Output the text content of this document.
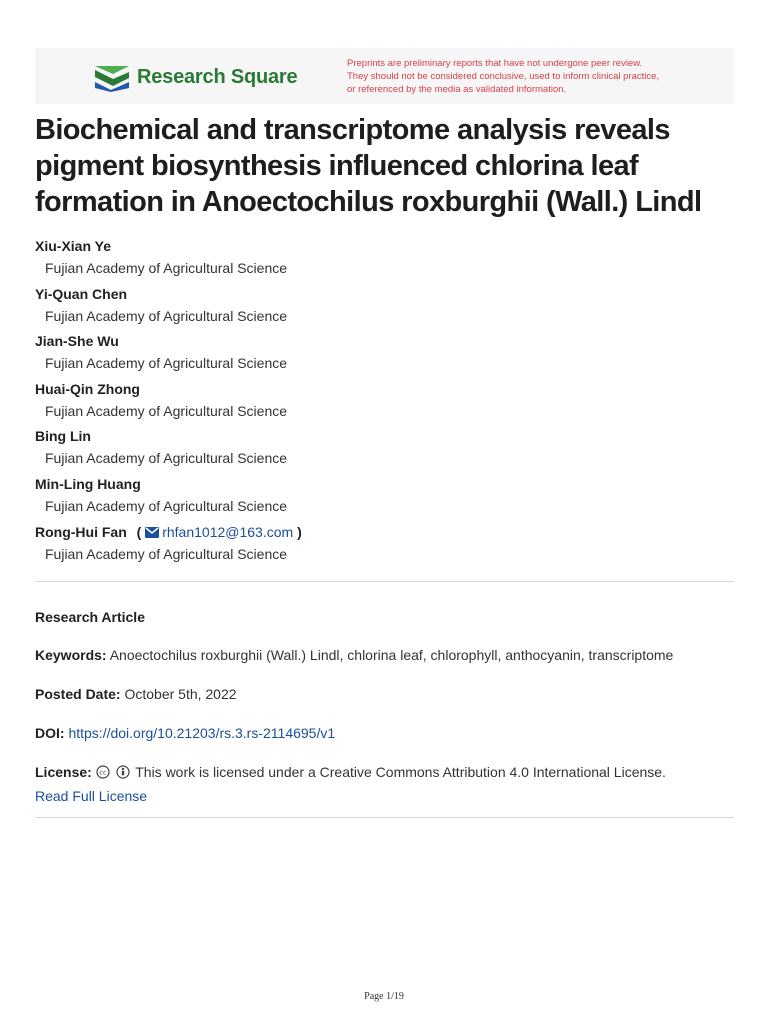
Research Square
Preprints are preliminary reports that have not undergone peer review.
They should not be considered conclusive, used to inform clinical practice,
or referenced by the media as validated information.
Biochemical and transcriptome analysis reveals pigment biosynthesis influenced chlorina leaf formation in Anoectochilus roxburghii (Wall.) Lindl
Xiu-Xian Ye
Fujian Academy of Agricultural Science
Yi-Quan Chen
Fujian Academy of Agricultural Science
Jian-She Wu
Fujian Academy of Agricultural Science
Huai-Qin Zhong
Fujian Academy of Agricultural Science
Bing Lin
Fujian Academy of Agricultural Science
Min-Ling Huang
Fujian Academy of Agricultural Science
Rong-Hui Fan ( rhfan1012@163.com )
Fujian Academy of Agricultural Science
Research Article
Keywords: Anoectochilus roxburghii (Wall.) Lindl, chlorina leaf, chlorophyll, anthocyanin, transcriptome
Posted Date: October 5th, 2022
DOI: https://doi.org/10.21203/rs.3.rs-2114695/v1
License: cc This work is licensed under a Creative Commons Attribution 4.0 International License.
Read Full License
Page 1/19
